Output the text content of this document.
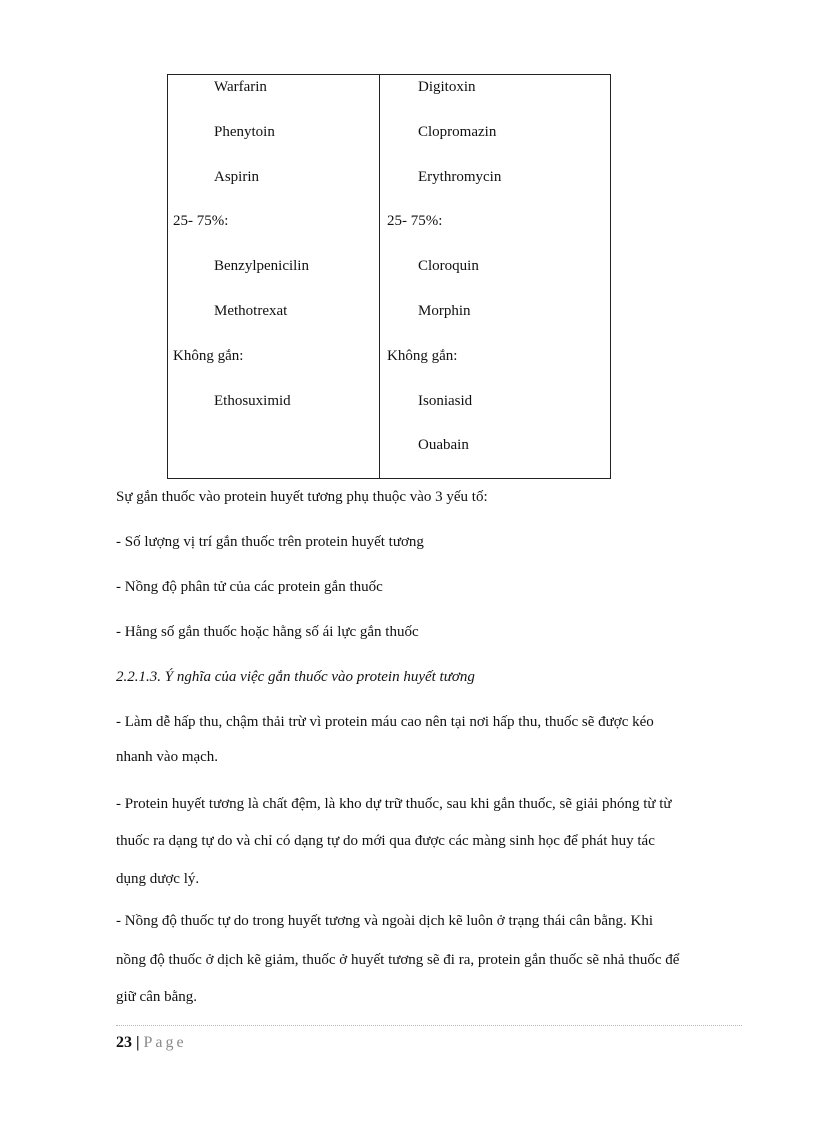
Warfarin
Phenytoin
Aspirin
25- 75%:
Benzylpenicilin
Methotrexat
Không gắn:
Ethosuximid
Digitoxin
Clopromazin
Erythromycin
25- 75%:
Cloroquin
Morphin
Không gắn:
Isoniasid
Ouabain
Sự gắn thuốc vào protein huyết tương phụ thuộc vào 3 yếu tố:
- Số lượng vị trí gắn thuốc trên protein huyết tương
- Nồng độ phân tử của các protein gắn thuốc
- Hằng số gắn thuốc hoặc hằng số ái lực gắn thuốc
2.2.1.3. Ý nghĩa của việc gắn thuốc vào protein huyết tương
- Làm dễ hấp thu, chậm thải trừ vì protein máu cao nên tại nơi hấp thu, thuốc sẽ được kéo
nhanh vào mạch.
- Protein huyết tương là chất đệm, là kho dự trữ thuốc, sau khi gắn thuốc, sẽ giải phóng từ từ
thuốc ra dạng tự do và chỉ có dạng tự do mới qua được các màng sinh học để phát huy tác
dụng dược lý.
- Nồng độ thuốc tự do trong huyết tương và ngoài dịch kẽ luôn ở trạng thái cân bằng. Khi
nồng độ thuốc ở dịch kẽ giảm, thuốc ở huyết tương sẽ đi ra, protein gắn thuốc sẽ nhả thuốc để
giữ cân bằng.
23 | Page
